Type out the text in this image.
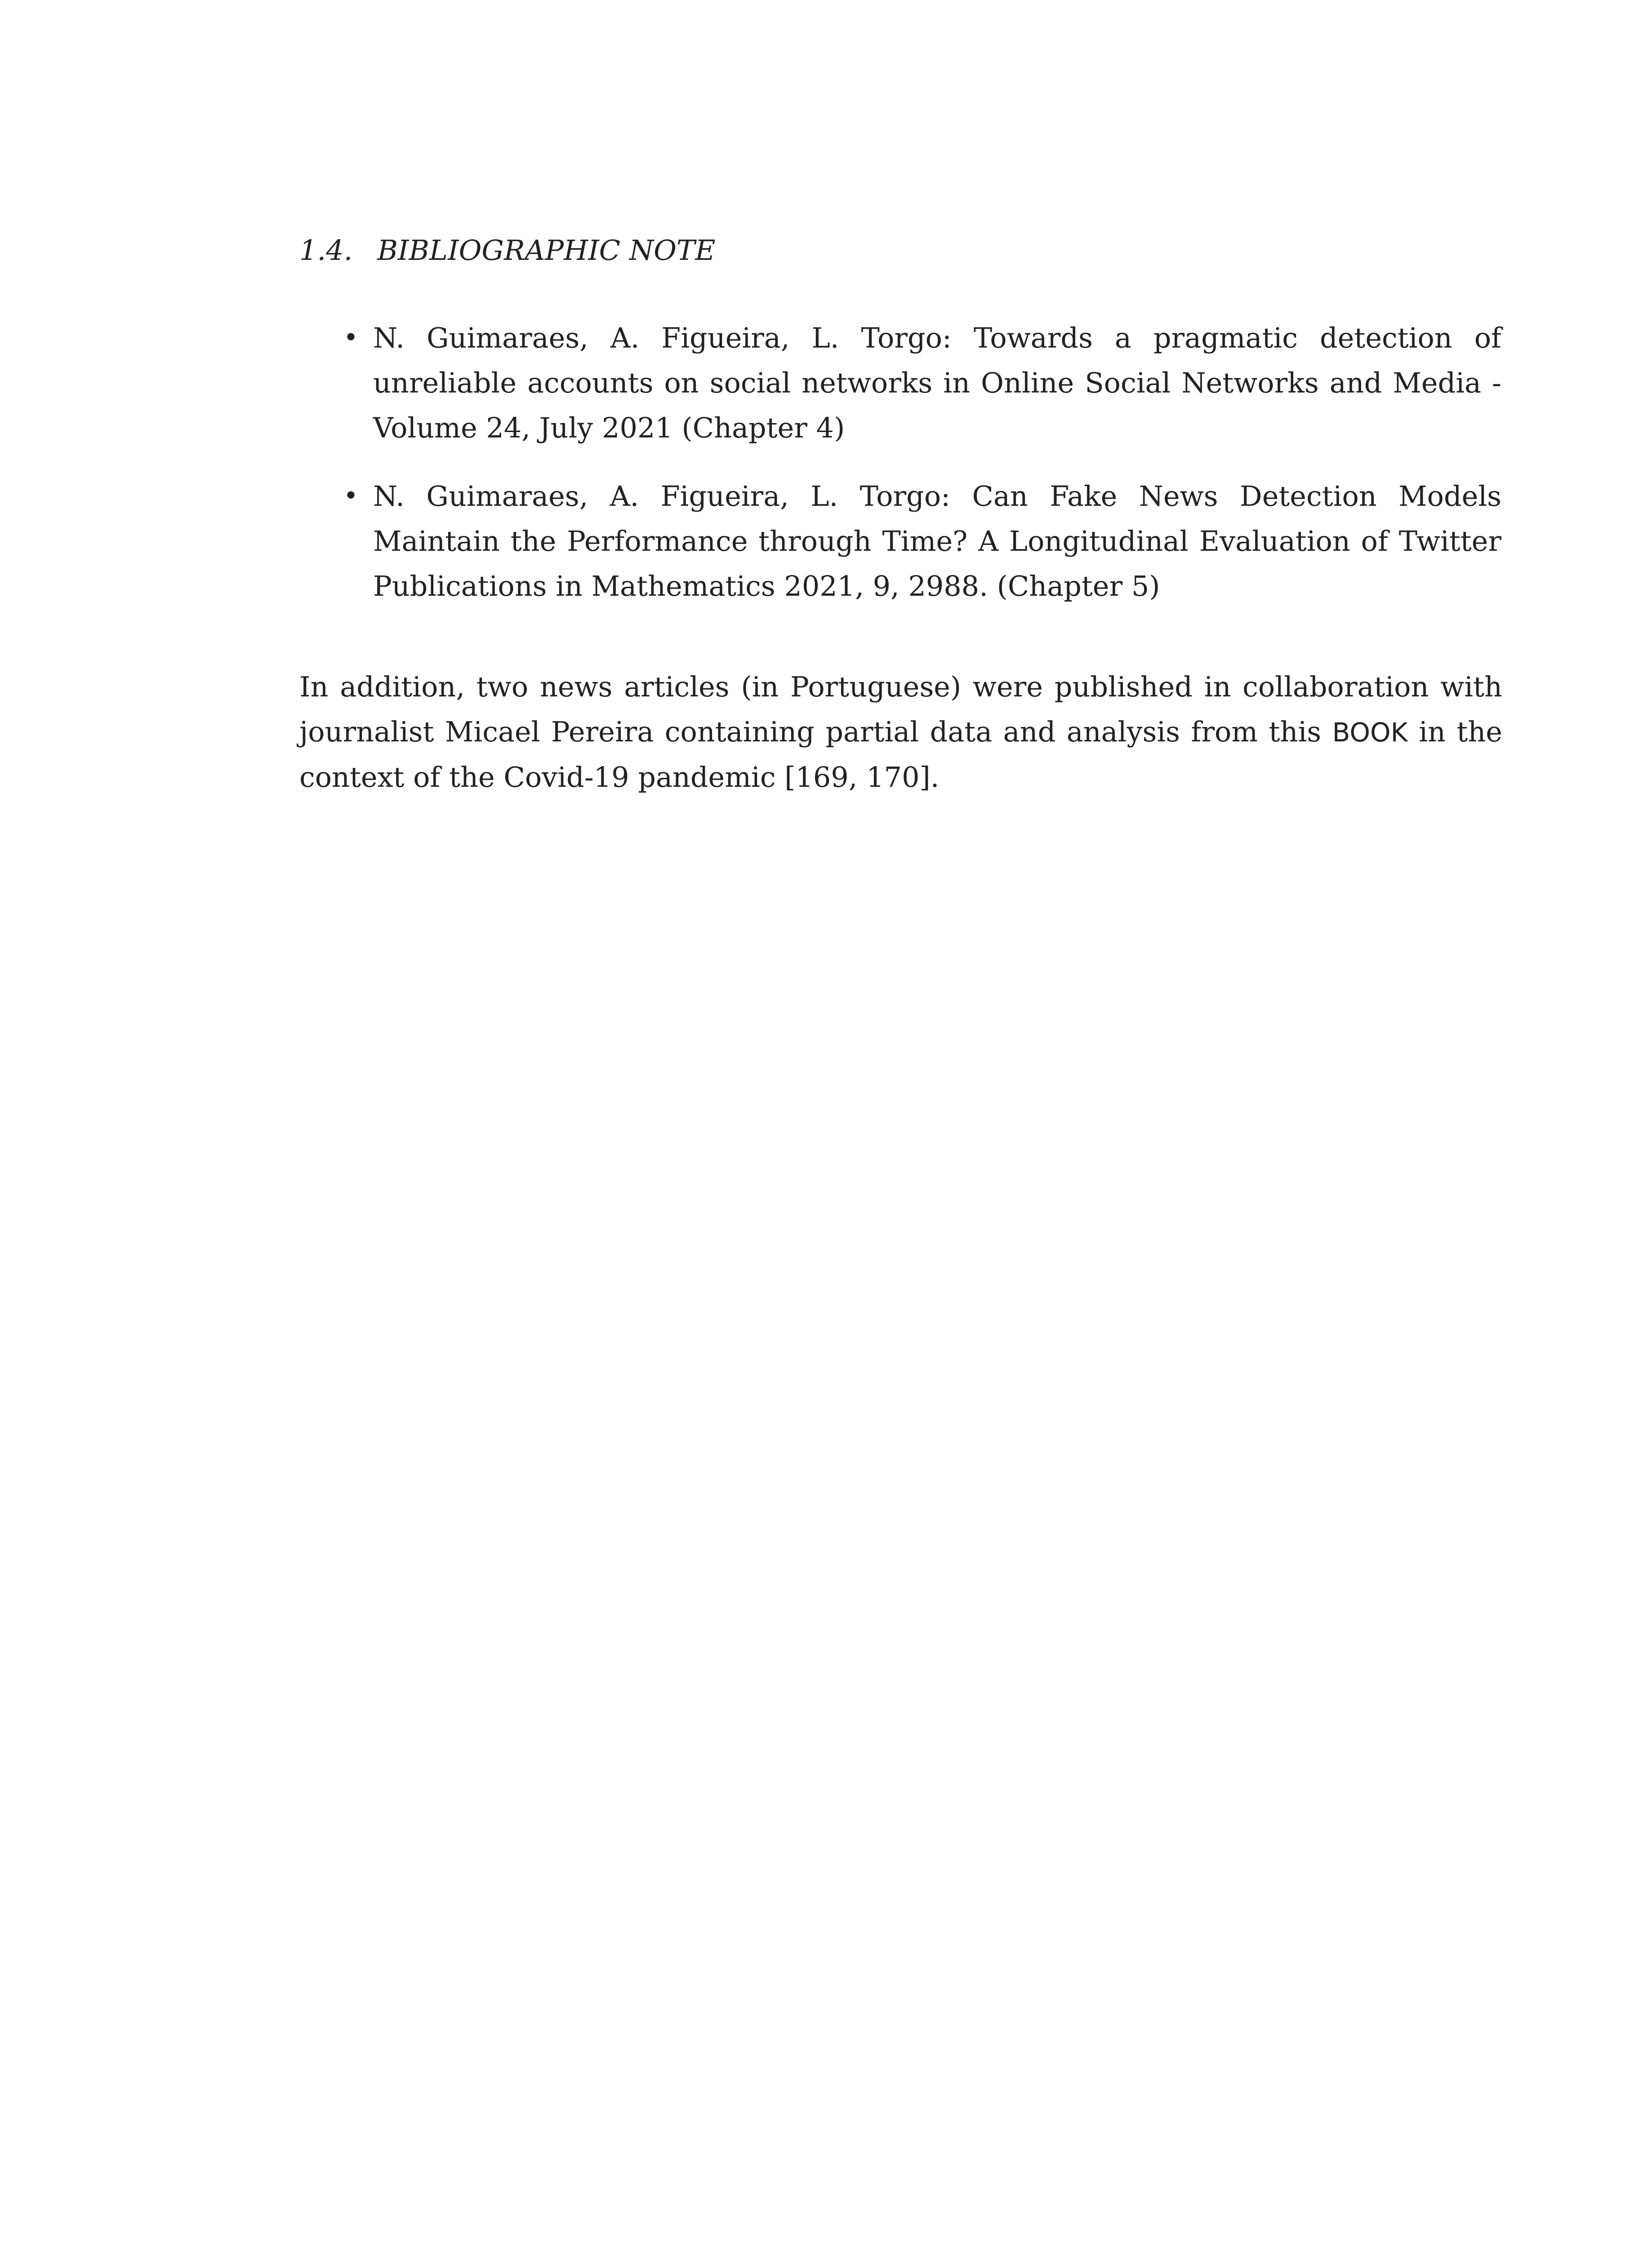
1.4. BIBLIOGRAPHIC NOTE
• N. Guimaraes, A. Figueira, L. Torgo: Towards a pragmatic detection of unreliable accounts on social networks in Online Social Networks and Media - Volume 24, July 2021 (Chapter 4)
• N. Guimaraes, A. Figueira, L. Torgo: Can Fake News Detection Models Maintain the Performance through Time? A Longitudinal Evaluation of Twitter Publications in Mathematics 2021, 9, 2988. (Chapter 5)

In addition, two news articles (in Portuguese) were published in collaboration with journalist Micael Pereira containing partial data and analysis from this BOOK in the context of the Covid-19 pandemic [169, 170].
